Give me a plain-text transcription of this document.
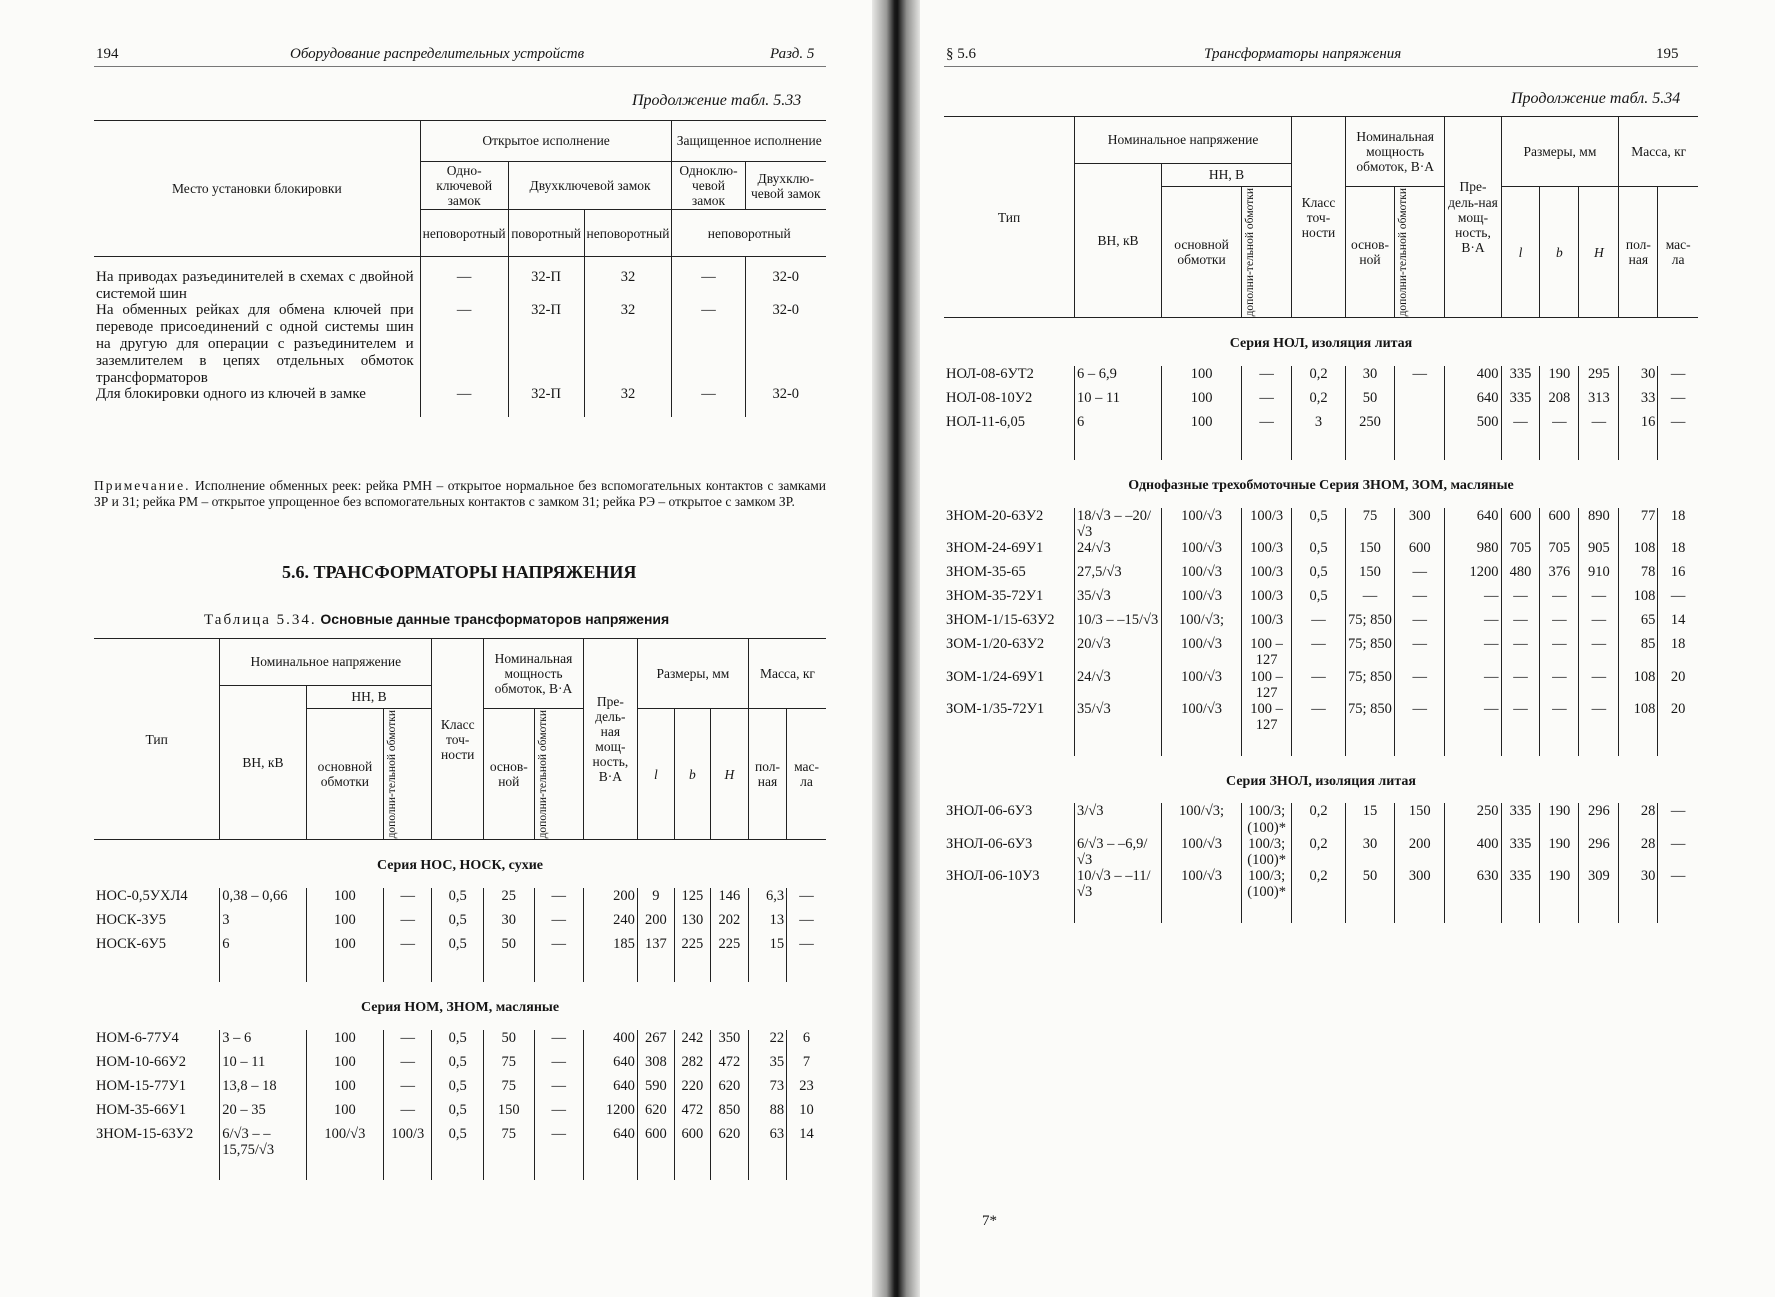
194	Оборудование распределительных устройств	Разд. 5
Продолжение табл. 5.33
Место установки блокировки	Открытое исполнение			Защищенное исполнение	
	Одно-ключевой замок	Двухключевой замок		Одноклю-чевой замок	Двухклю-чевой замок
	неповоротный	поворотный	неповоротный	неповоротный	

На приводах разъединителей в схемах с двойной системой шин	—	32-П	32	—	32-0
На обменных рейках для обмена ключей при переводе присоединений с одной системы шин на другую для операции с разъединителем и заземлителем в цепях отдельных обмоток трансформаторов	—	32-П	32	—	32-0
Для блокировки одного из ключей в замке	—	32-П	32	—	32-0

Примечание. Исполнение обменных реек: рейка РМН – открытое нормальное без вспомогательных контактов с замками ЗР и 31; рейка РМ – открытое упрощенное без вспомогательных контактов с замком 31; рейка РЭ – открытое с замком ЗР.
5.6. ТРАНСФОРМАТОРЫ НАПРЯЖЕНИЯ
Таблица 5.34. Основные данные трансформаторов напряжения
Тип	Номинальное напряжение			Класс точ-ности	Номинальная мощность обмоток, В·А		Пре-дель-ная мощ-ность, В·А	Размеры, мм			Масса, кг	
	ВН, кВ	НН, В										
		основной обмотки	дополни-тельной обмотки		основ-ной	дополни-тельной обмотки		l	b	H	пол-ная	мас-ла
Серия НОС, НОСК, сухие												
НОС-0,5УХЛ4	0,38 – 0,66	100	—	0,5	25	—	200	9	125	146	6,3	—
НОСК-3У5	3	100	—	0,5	30	—	240	200	130	202	13	—
НОСК-6У5	6	100	—	0,5	50	—	185	137	225	225	15	—

Серия НОМ, ЗНОМ, масляные												
НОМ-6-77У4	3 – 6	100	—	0,5	50	—	400	267	242	350	22	6
НОМ-10-66У2	10 – 11	100	—	0,5	75	—	640	308	282	472	35	7
НОМ-15-77У1	13,8 – 18	100	—	0,5	75	—	640	590	220	620	73	23
НОМ-35-66У1	20 – 35	100	—	0,5	150	—	1200	620	472	850	88	10
ЗНОМ-15-63У2	6/√3 – –15,75/√3	100/√3	100/3	0,5	75	—	640	600	600	620	63	14

§ 5.6	Трансформаторы напряжения	195
Продолжение табл. 5.34
Тип	Номинальное напряжение			Класс точ-ности	Номинальная мощность обмоток, В·А		Пре-дель-ная мощ-ность, В·А	Размеры, мм			Масса, кг	
	ВН, кВ	НН, В										
		основной обмотки	дополни-тельной обмотки		основ-ной	дополни-тельной обмотки		l	b	H	пол-ная	мас-ла
Серия НОЛ, изоляция литая												
НОЛ-08-6УТ2	6 – 6,9	100	—	0,2	30	—	400	335	190	295	30	—
НОЛ-08-10У2	10 – 11	100	—	0,2	50		640	335	208	313	33	—
НОЛ-11-6,05	6	100	—	3	250		500	—	—	—	16	—

Однофазные трехобмоточные Серия ЗНОМ, ЗОМ, масляные												
ЗНОМ-20-63У2	18/√3 – –20/√3	100/√3	100/3	0,5	75	300	640	600	600	890	77	18
ЗНОМ-24-69У1	24/√3	100/√3	100/3	0,5	150	600	980	705	705	905	108	18
ЗНОМ-35-65	27,5/√3	100/√3	100/3	0,5	150	—	1200	480	376	910	78	16
ЗНОМ-35-72У1	35/√3	100/√3	100/3	0,5	—	—	—	—	—	—	108	—
ЗНОМ-1/15-63У2	10/3 – –15/√3	100/√3;	100/3	—	75; 850	—	—	—	—	—	65	14
ЗОМ-1/20-63У2	20/√3	100/√3	100 – 127	—	75; 850	—	—	—	—	—	85	18
ЗОМ-1/24-69У1	24/√3	100/√3	100 – 127	—	75; 850	—	—	—	—	—	108	20
ЗОМ-1/35-72У1	35/√3	100/√3	100 – 127	—	75; 850	—	—	—	—	—	108	20

Серия ЗНОЛ, изоляция литая												
ЗНОЛ-06-6У3	3/√3	100/√3;	100/3; (100)*	0,2	15	150	250	335	190	296	28	—
ЗНОЛ-06-6У3	6/√3 – –6,9/√3	100/√3	100/3; (100)*	0,2	30	200	400	335	190	296	28	—
ЗНОЛ-06-10У3	10/√3 – –11/√3	100/√3	100/3; (100)*	0,2	50	300	630	335	190	309	30	—

7*
